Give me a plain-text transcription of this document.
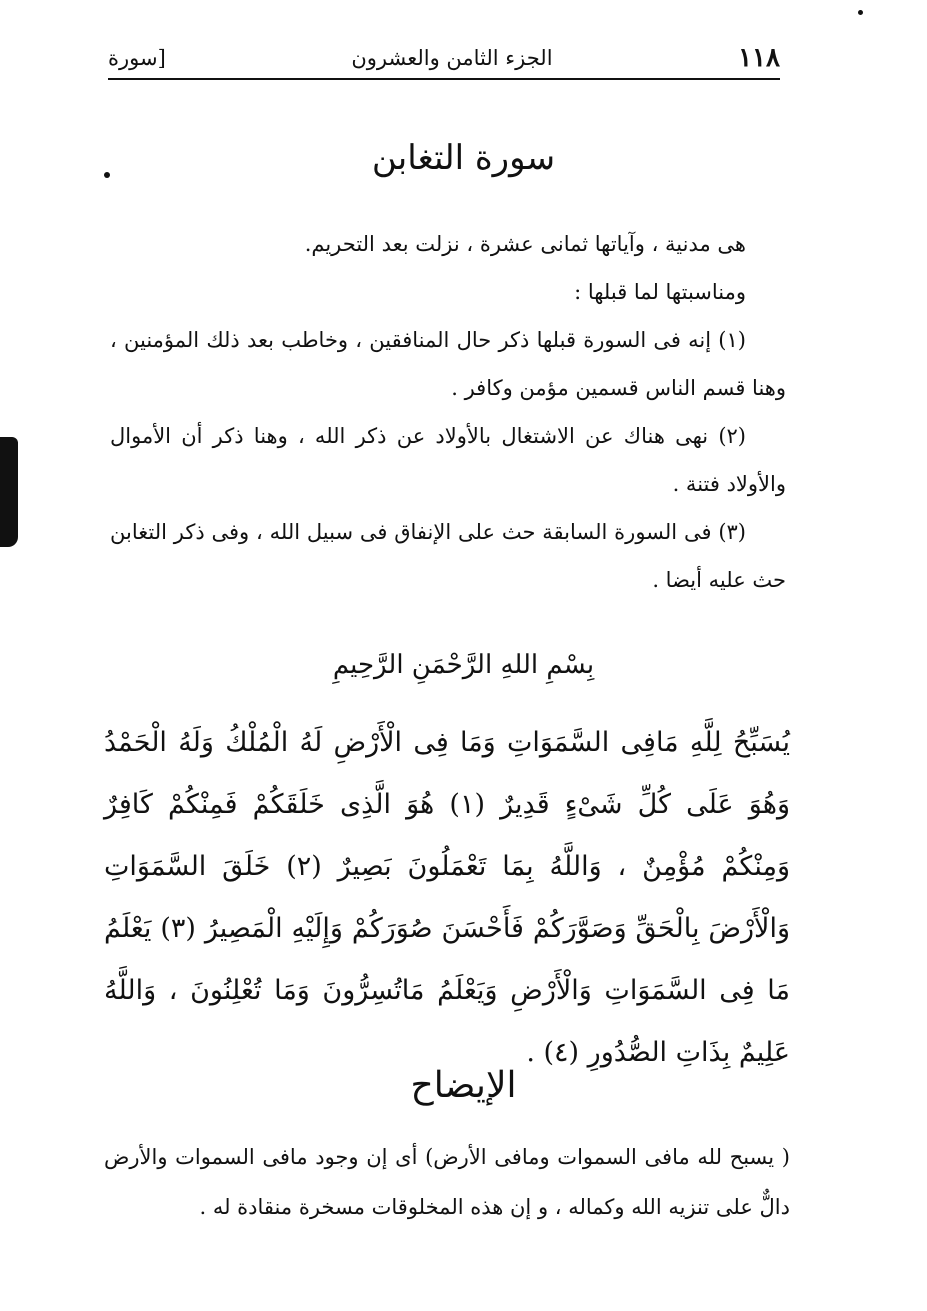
١١٨
الجزء الثامن والعشرون
[سورة
سورة التغابن

هى مدنية ، وآياتها ثمانى عشرة ، نزلت بعد التحريم.

ومناسبتها لما قبلها :

(١) إنه فى السورة قبلها ذكر حال المنافقين ، وخاطب بعد ذلك المؤمنين ، وهنا قسم الناس قسمين مؤمن وكافر .

(٢) نهى هناك عن الاشتغال بالأولاد عن ذكر الله ، وهنا ذكر أن الأموال والأولاد فتنة .

(٣) فى السورة السابقة حث على الإنفاق فى سبيل الله ، وفى ذكر التغابن حث عليه أيضا .

بِسْمِ اللهِ الرَّحْمَنِ الرَّحِيمِ

يُسَبِّحُ لِلَّهِ مَافِى السَّمَوَاتِ وَمَا فِى الْأَرْضِ لَهُ الْمُلْكُ وَلَهُ الْحَمْدُ وَهُوَ عَلَى كُلِّ شَىْءٍ قَدِيرٌ (١) هُوَ الَّذِى خَلَقَكُمْ فَمِنْكُمْ كَافِرٌ وَمِنْكُمْ مُؤْمِنٌ ، وَاللَّهُ بِمَا تَعْمَلُونَ بَصِيرٌ (٢) خَلَقَ السَّمَوَاتِ وَالْأَرْضَ بِالْحَقِّ وَصَوَّرَكُمْ فَأَحْسَنَ صُوَرَكُمْ وَإِلَيْهِ الْمَصِيرُ (٣) يَعْلَمُ مَا فِى السَّمَوَاتِ وَالْأَرْضِ وَيَعْلَمُ مَاتُسِرُّونَ وَمَا تُعْلِنُونَ ، وَاللَّهُ عَلِيمٌ بِذَاتِ الصُّدُورِ (٤) .

الإيضاح

( يسبح لله مافى السموات ومافى الأرض) أى إن وجود مافى السموات والأرض دالٌّ على تنزيه الله وكماله ، و إن هذه المخلوقات مسخرة منقادة له .
